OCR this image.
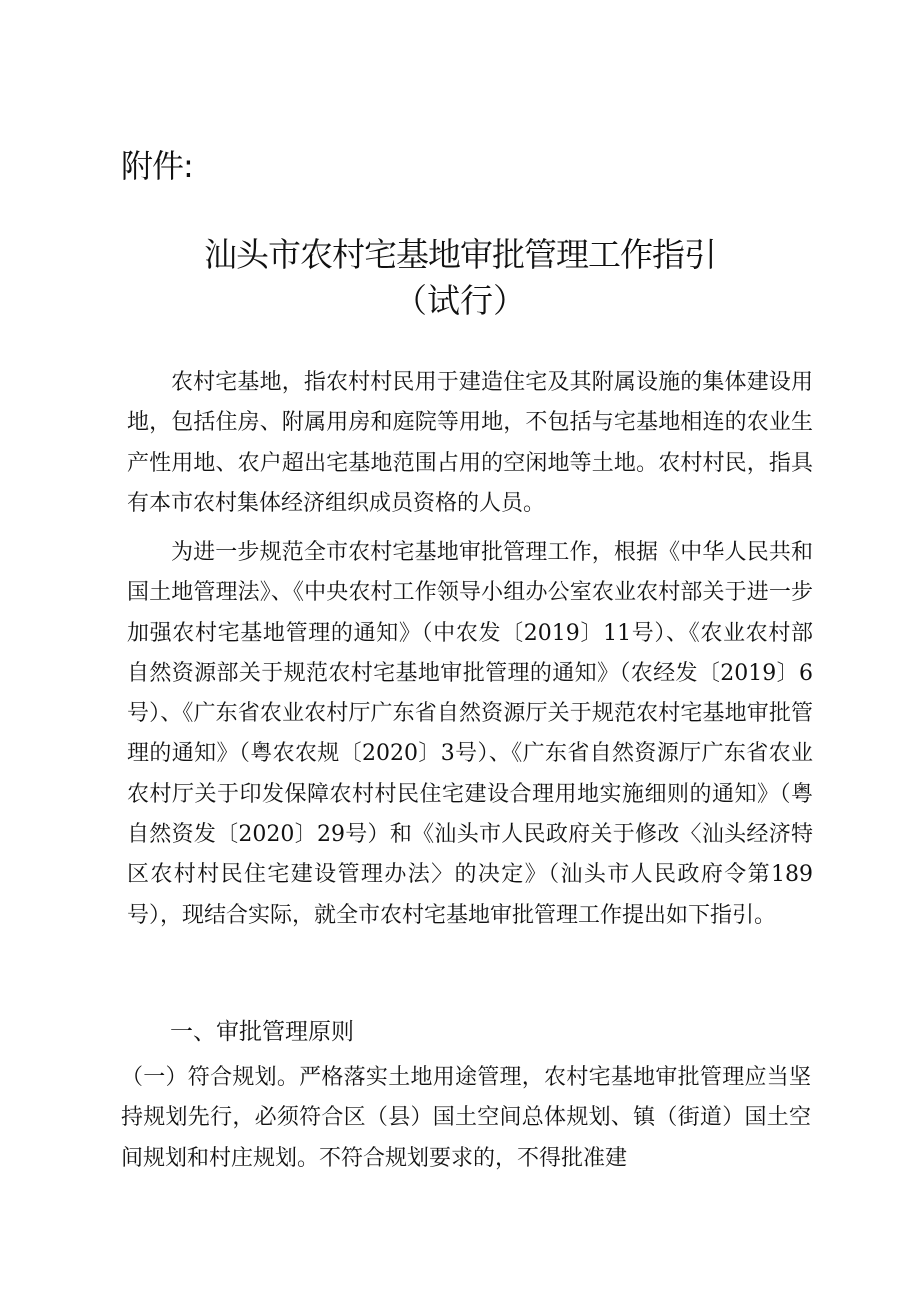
附件:
汕头市农村宅基地审批管理工作指引
（试行）
农村宅基地，指农村村民用于建造住宅及其附属设施的集体建设用地，包括住房、附属用房和庭院等用地，不包括与宅基地相连的农业生产性用地、农户超出宅基地范围占用的空闲地等土地。农村村民，指具有本市农村集体经济组织成员资格的人员。
为进一步规范全市农村宅基地审批管理工作，根据《中华人民共和国土地管理法》、《中央农村工作领导小组办公室农业农村部关于进一步加强农村宅基地管理的通知》（中农发〔2019〕11号）、《农业农村部自然资源部关于规范农村宅基地审批管理的通知》（农经发〔2019〕6号）、《广东省农业农村厅广东省自然资源厅关于规范农村宅基地审批管理的通知》（粤农农规〔2020〕3号）、《广东省自然资源厅广东省农业农村厅关于印发保障农村村民住宅建设合理用地实施细则的通知》（粤自然资发〔2020〕29号）和《汕头市人民政府关于修改〈汕头经济特区农村村民住宅建设管理办法〉的决定》（汕头市人民政府令第189号），现结合实际，就全市农村宅基地审批管理工作提出如下指引。
一、审批管理原则
（一）符合规划。严格落实土地用途管理，农村宅基地审批管理应当坚持规划先行，必须符合区（县）国土空间总体规划、镇（街道）国土空间规划和村庄规划。不符合规划要求的，不得批准建
